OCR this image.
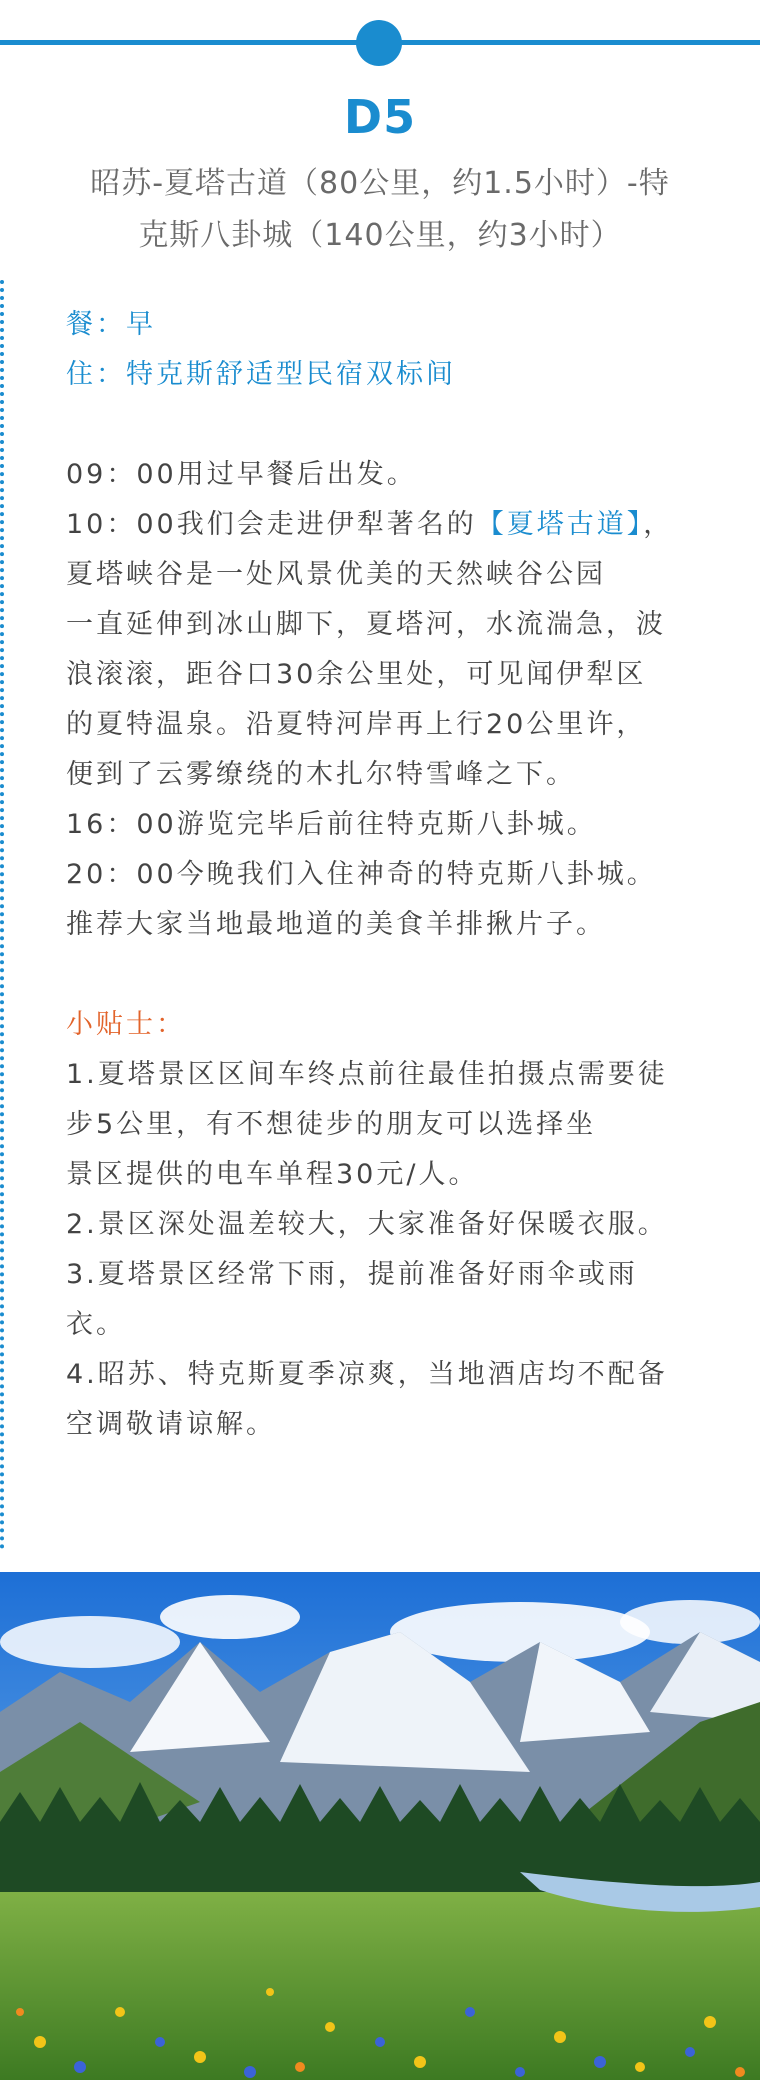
D5
昭苏-夏塔古道（80公里，约1.5小时）-特
克斯八卦城（140公里，约3小时）

餐：早

住：特克斯舒适型民宿双标间

09：00用过早餐后出发。

10：00我们会走进伊犁著名的【夏塔古道】，

夏塔峡谷是一处风景优美的天然峡谷公园

一直延伸到冰山脚下，夏塔河，水流湍急，波

浪滚滚，距谷口30余公里处，可见闻伊犁区

的夏特温泉。沿夏特河岸再上行20公里许，

便到了云雾缭绕的木扎尔特雪峰之下。

16：00游览完毕后前往特克斯八卦城。

20：00今晚我们入住神奇的特克斯八卦城。

推荐大家当地最地道的美食羊排揪片子。

小贴士：

1.夏塔景区区间车终点前往最佳拍摄点需要徒

步5公里，有不想徒步的朋友可以选择坐

景区提供的电车单程30元/人。

2.景区深处温差较大，大家准备好保暖衣服。

3.夏塔景区经常下雨，提前准备好雨伞或雨

衣。

4.昭苏、特克斯夏季凉爽，当地酒店均不配备

空调敬请谅解。
